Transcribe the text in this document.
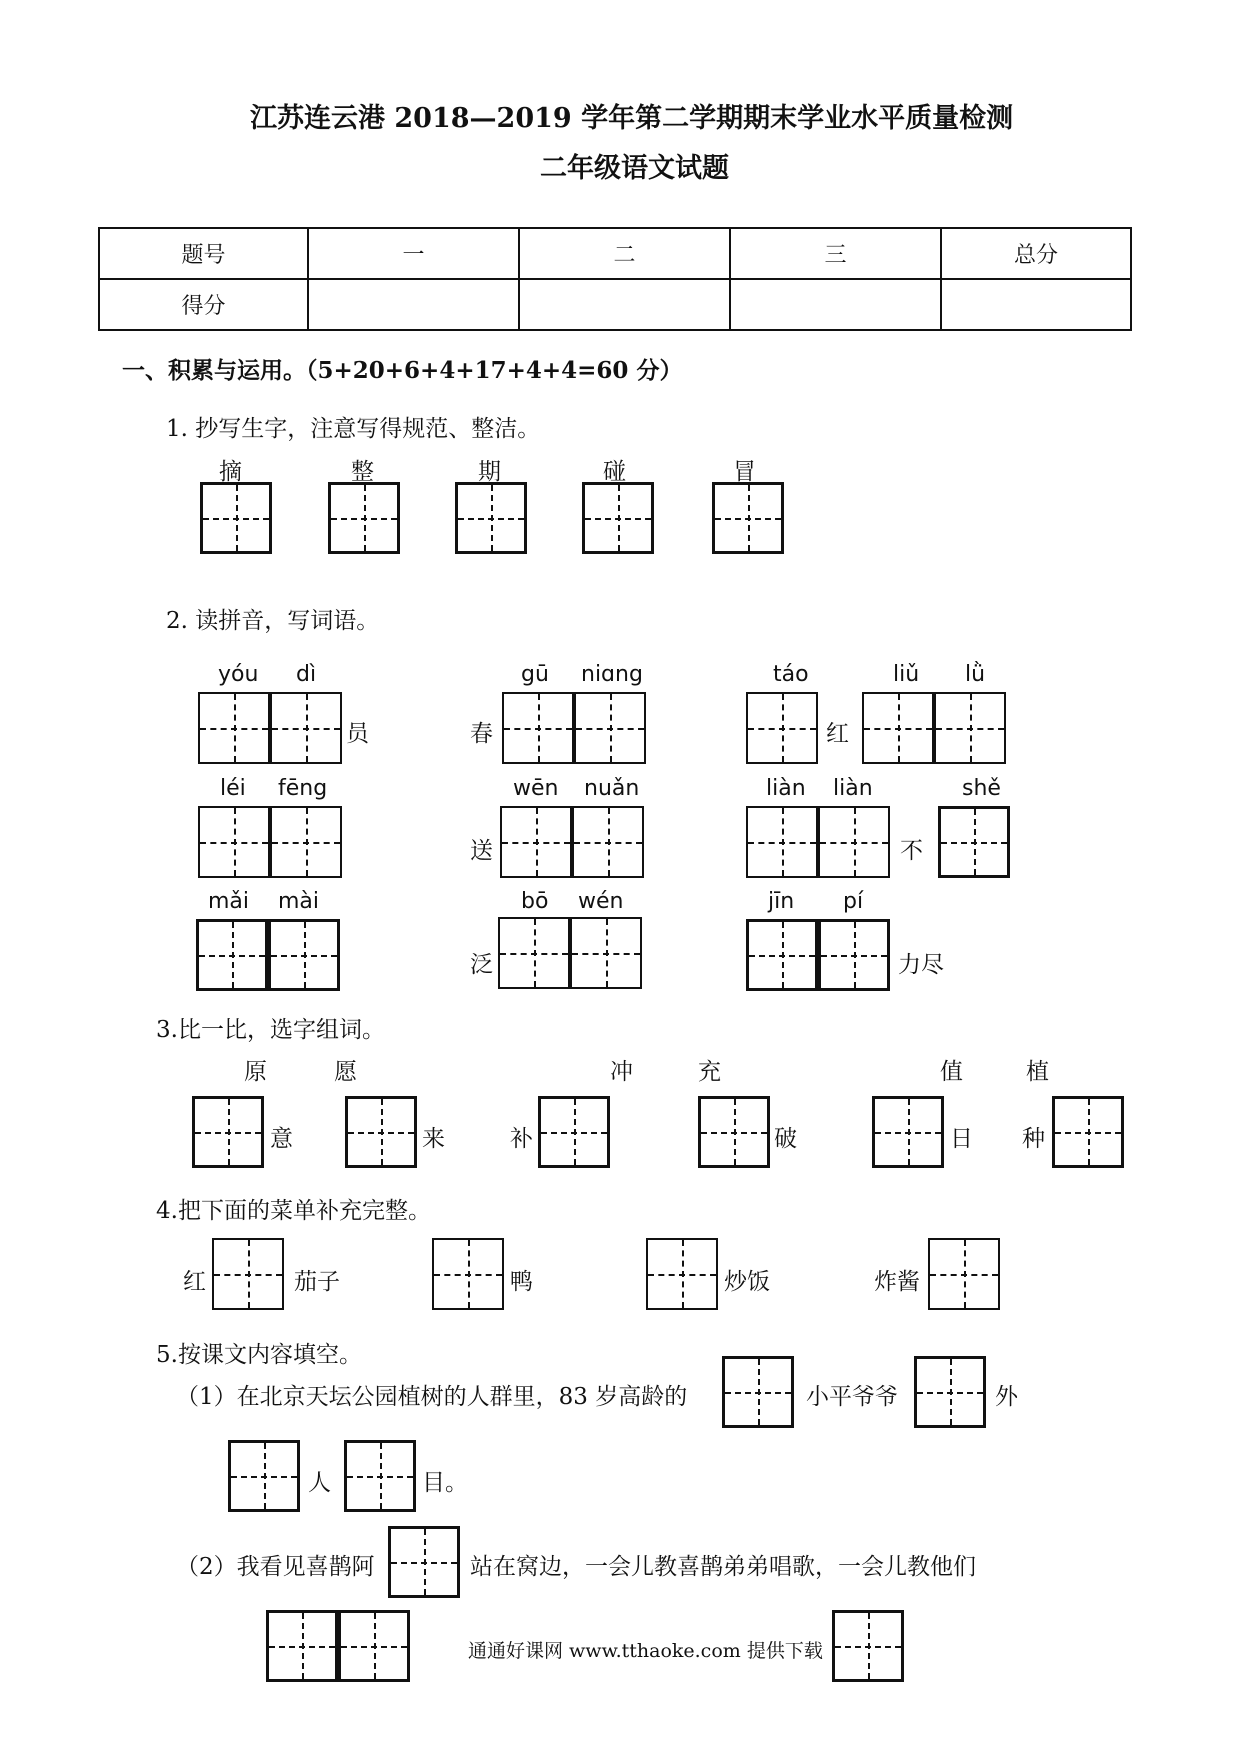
江苏连云港 2018—2019 学年第二学期期末学业水平质量检测
二年级语文试题
题号	一	二	三	总分
得分				
一、积累与运用。（5+20+6+4+17+4+4=60 分）
1. 抄写生字，注意写得规范、整洁。
摘	整	期	碰	冒
2. 读拼音，写词语。
yóu dì
员
gū niɑng
春
táo	liǔ lǜ
红
léi fēng	wēn nuǎn
送
liàn liàn	shě
不
mǎi mài	bō wén
泛
jīn pí
力尽
3.比一比，选字组词。
原	愿	冲	充	值	植
意	来	补	破	日 种
4.把下面的菜单补充完整。
红	茄子	鸭	炒饭	炸酱
5.按课文内容填空。
（1）在北京天坛公园植树的人群里，83 岁高龄的	小平爷爷	外
人	目。
（2）我看见喜鹊阿	站在窝边，一会儿教喜鹊弟弟唱歌，一会儿教他们
通通好课网 www.tthaoke.com 提供下载
